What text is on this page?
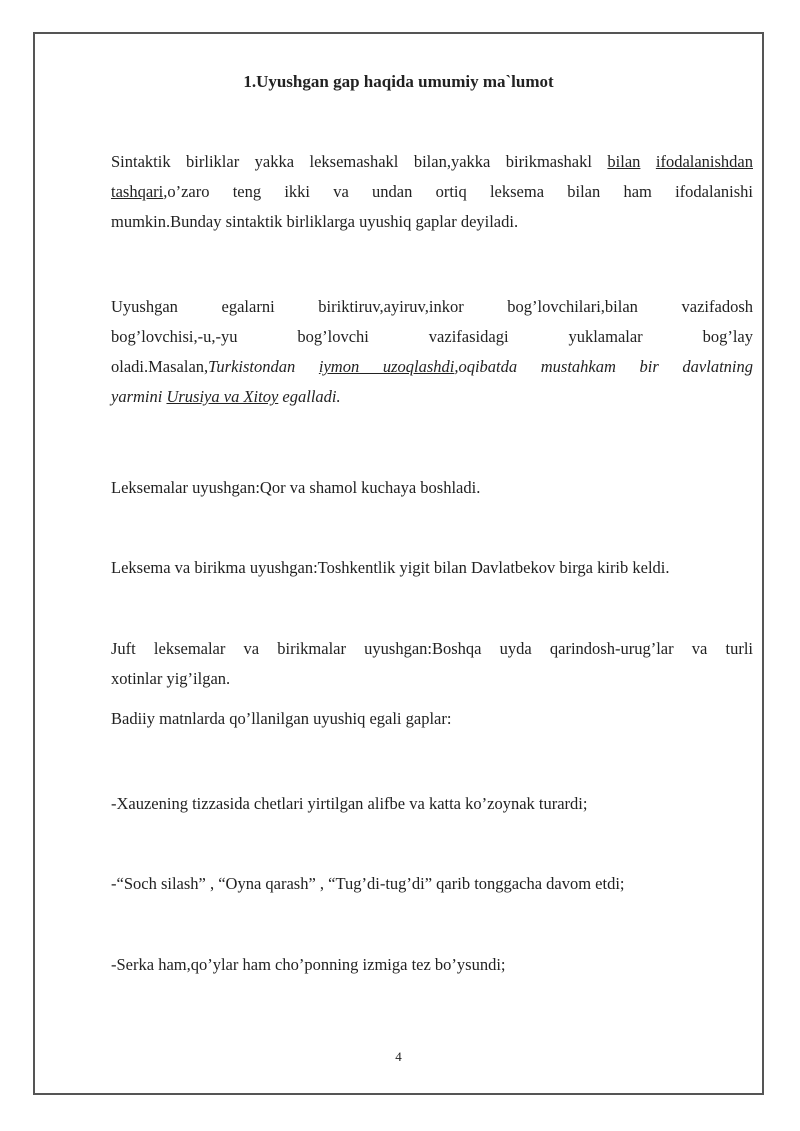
1.Uyushgan gap haqida umumiy ma`lumot
Sintaktik birliklar yakka leksemashakl bilan,yakka birikmashakl bilan ifodalanishdan
tashqari,o’zaro teng ikki va undan ortiq leksema bilan ham ifodalanishi
mumkin.Bunday sintaktik birliklarga uyushiq gaplar deyiladi.
Uyushgan egalarni biriktiruv,ayiruv,inkor bog’lovchilari,bilan vazifadosh
bog’lovchisi,-u,-yu bog’lovchi vazifasidagi yuklamalar bog’lay
oladi.Masalan,Turkistondan iymon uzoqlashdi,oqibatda mustahkam bir davlatning
yarmini Urusiya va Xitoy egalladi.
Leksemalar uyushgan:Qor va shamol kuchaya boshladi.
Leksema va birikma uyushgan:Toshkentlik yigit bilan Davlatbekov birga kirib keldi.
Juft leksemalar va birikmalar uyushgan:Boshqa uyda qarindosh-urug’lar va turli
xotinlar yig’ilgan.
Badiiy matnlarda qo’llanilgan uyushiq egali gaplar:
-Xauzening tizzasida chetlari yirtilgan alifbe va katta ko’zoynak turardi;
-“Soch silash” , “Oyna qarash” , “Tug’di-tug’di” qarib tonggacha davom etdi;
-Serka ham,qo’ylar ham cho’ponning izmiga tez bo’ysundi;
4
